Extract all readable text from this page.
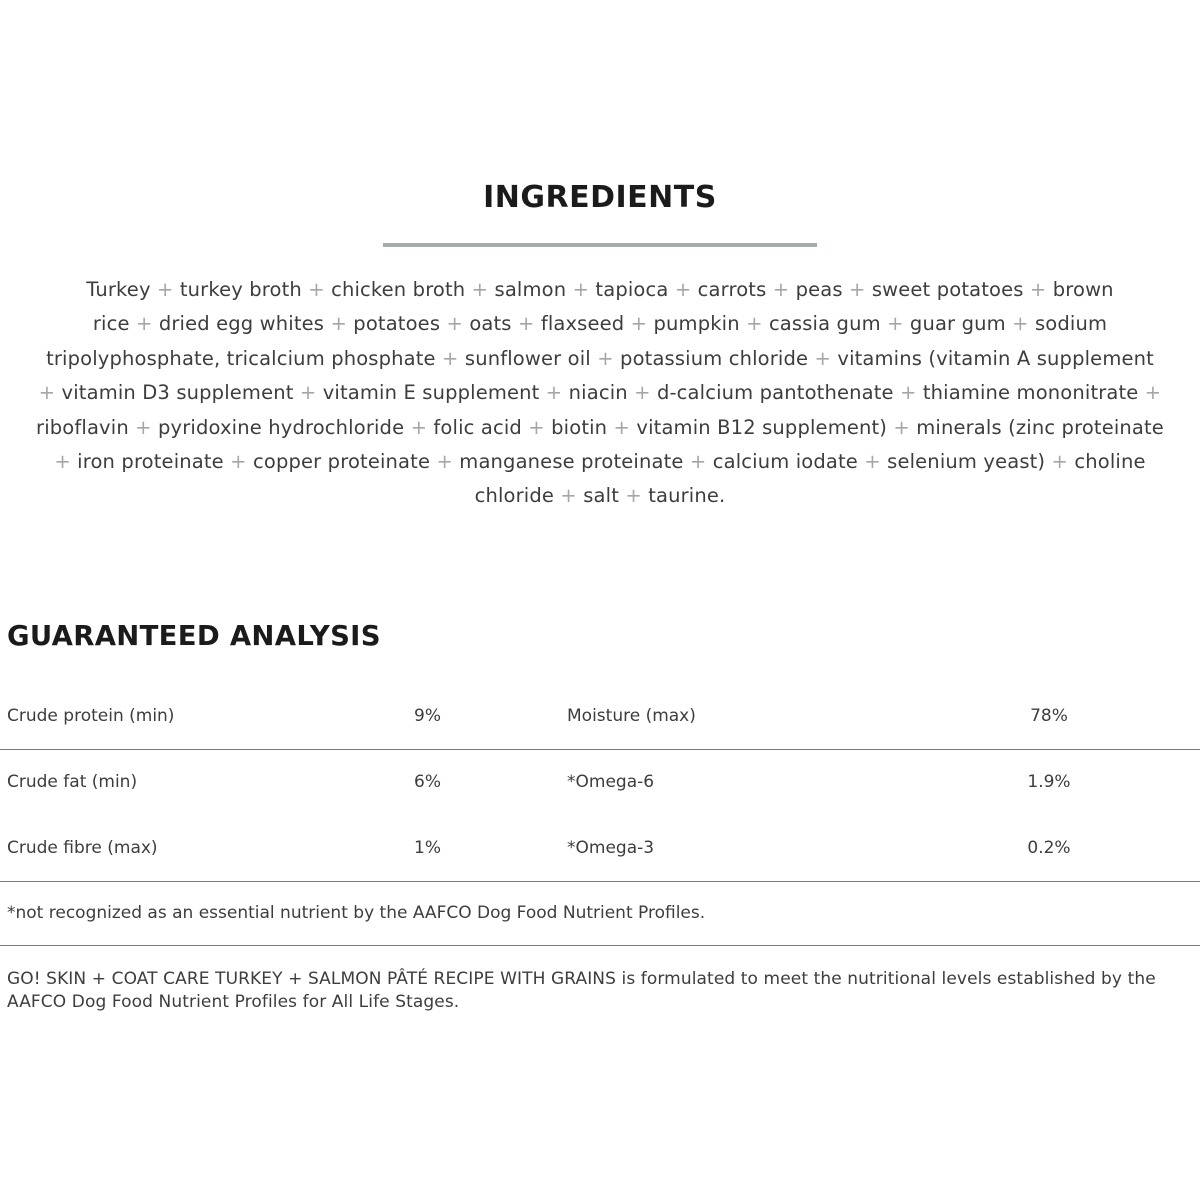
INGREDIENTS
Turkey + turkey broth + chicken broth + salmon + tapioca + carrots + peas + sweet potatoes + brown
rice + dried egg whites + potatoes + oats + flaxseed + pumpkin + cassia gum + guar gum + sodium
tripolyphosphate, tricalcium phosphate + sunflower oil + potassium chloride + vitamins (vitamin A supplement
+ vitamin D3 supplement + vitamin E supplement + niacin + d-calcium pantothenate + thiamine mononitrate +
riboflavin + pyridoxine hydrochloride + folic acid + biotin + vitamin B12 supplement) + minerals (zinc proteinate
+ iron proteinate + copper proteinate + manganese proteinate + calcium iodate + selenium yeast) + choline
chloride + salt + taurine.
GUARANTEED ANALYSIS
Crude protein (min)	9%	Moisture (max)	78%
Crude fat (min)	6%	*Omega-6	1.9%
Crude fibre (max)	1%	*Omega-3	0.2%
*not recognized as an essential nutrient by the AAFCO Dog Food Nutrient Profiles.

GO! SKIN + COAT CARE TURKEY + SALMON PÂTÉ RECIPE WITH GRAINS is formulated to meet the nutritional levels established by the AAFCO Dog Food Nutrient Profiles for All Life Stages.
